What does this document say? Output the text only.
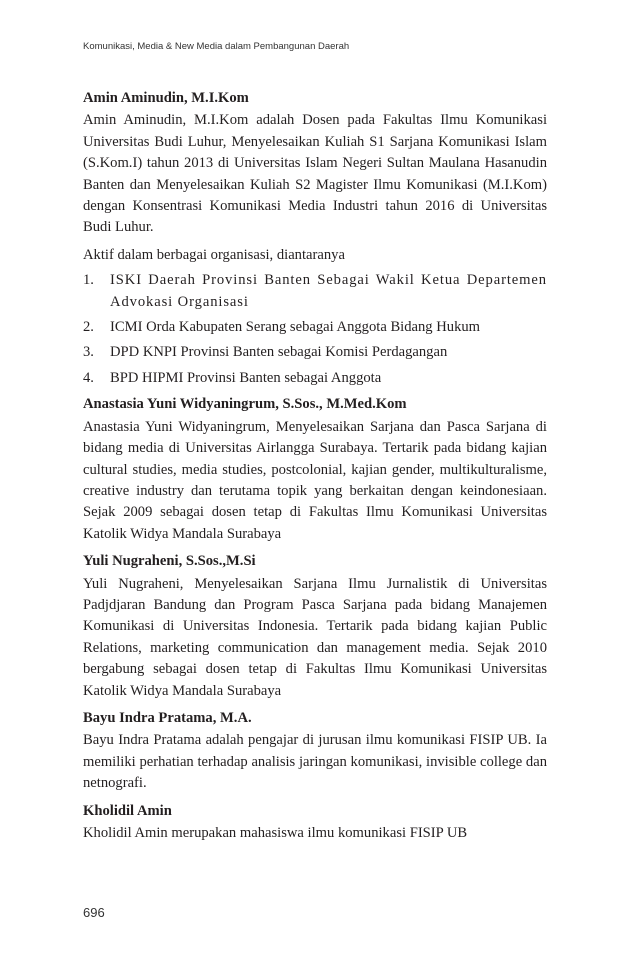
Komunikasi, Media & New Media dalam Pembangunan Daerah

Amin Aminudin, M.I.Kom

Amin Aminudin, M.I.Kom adalah Dosen pada Fakultas Ilmu Komunikasi Universitas Budi Luhur, Menyelesaikan Kuliah S1 Sarjana Komunikasi Islam (S.Kom.I) tahun 2013 di Universitas Islam Negeri Sultan Maulana Hasanudin Banten dan Menyelesaikan Kuliah S2 Magister Ilmu Komunikasi (M.I.Kom) dengan Konsentrasi Komunikasi Media Industri tahun 2016 di Universitas Budi Luhur.

Aktif dalam berbagai organisasi, diantaranya

1. ISKI Daerah Provinsi Banten Sebagai Wakil Ketua Departemen Advokasi Organisasi
2. ICMI Orda Kabupaten Serang sebagai Anggota Bidang Hukum
3. DPD KNPI Provinsi Banten sebagai Komisi Perdagangan
4. BPD HIPMI Provinsi Banten sebagai Anggota

Anastasia Yuni Widyaningrum, S.Sos., M.Med.Kom

Anastasia Yuni Widyaningrum, Menyelesaikan Sarjana dan Pasca Sarjana di bidang media di Universitas Airlangga Surabaya. Tertarik pada bidang kajian cultural studies, media studies, postcolonial, kajian gender, multikulturalisme, creative industry dan terutama topik yang berkaitan dengan keindonesiaan. Sejak 2009 sebagai dosen tetap di Fakultas Ilmu Komunikasi Universitas Katolik Widya Mandala Surabaya

Yuli Nugraheni, S.Sos.,M.Si

Yuli Nugraheni, Menyelesaikan Sarjana Ilmu Jurnalistik di Universitas Padjdjaran Bandung dan Program Pasca Sarjana pada bidang Manajemen Komunikasi di Universitas Indonesia. Tertarik pada bidang kajian Public Relations, marketing communication dan management media. Sejak 2010 bergabung sebagai dosen tetap di Fakultas Ilmu Komunikasi Universitas Katolik Widya Mandala Surabaya

Bayu Indra Pratama, M.A.

Bayu Indra Pratama adalah pengajar di jurusan ilmu komunikasi FISIP UB. Ia memiliki perhatian terhadap analisis jaringan komunikasi, invisible college dan netnografi.

Kholidil Amin

Kholidil Amin merupakan mahasiswa ilmu komunikasi FISIP UB

696
